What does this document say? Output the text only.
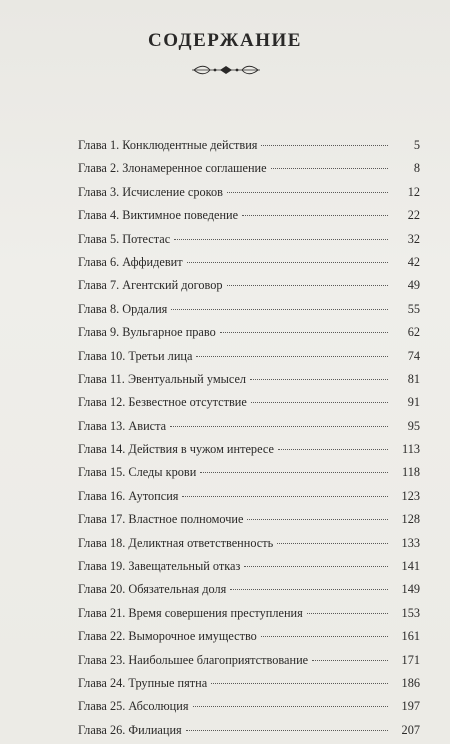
СОДЕРЖАНИЕ
Глава 1. Конклюдентные действия	5
Глава 2. Злонамеренное соглашение	8
Глава 3. Исчисление сроков	12
Глава 4. Виктимное поведение	22
Глава 5. Потестас	32
Глава 6. Аффидевит	42
Глава 7. Агентский договор	49
Глава 8. Ордалия	55
Глава 9. Вульгарное право	62
Глава 10. Третьи лица	74
Глава 11. Эвентуальный умысел	81
Глава 12. Безвестное отсутствие	91
Глава 13. Ависта	95
Глава 14. Действия в чужом интересе	113
Глава 15. Следы крови	118
Глава 16. Аутопсия	123
Глава 17. Властное полномочие	128
Глава 18. Деликтная ответственность	133
Глава 19. Завещательный отказ	141
Глава 20. Обязательная доля	149
Глава 21. Время совершения преступления	153
Глава 22. Выморочное имущество	161
Глава 23. Наибольшее благоприятствование	171
Глава 24. Трупные пятна	186
Глава 25. Абсолюция	197
Глава 26. Филиация	207
